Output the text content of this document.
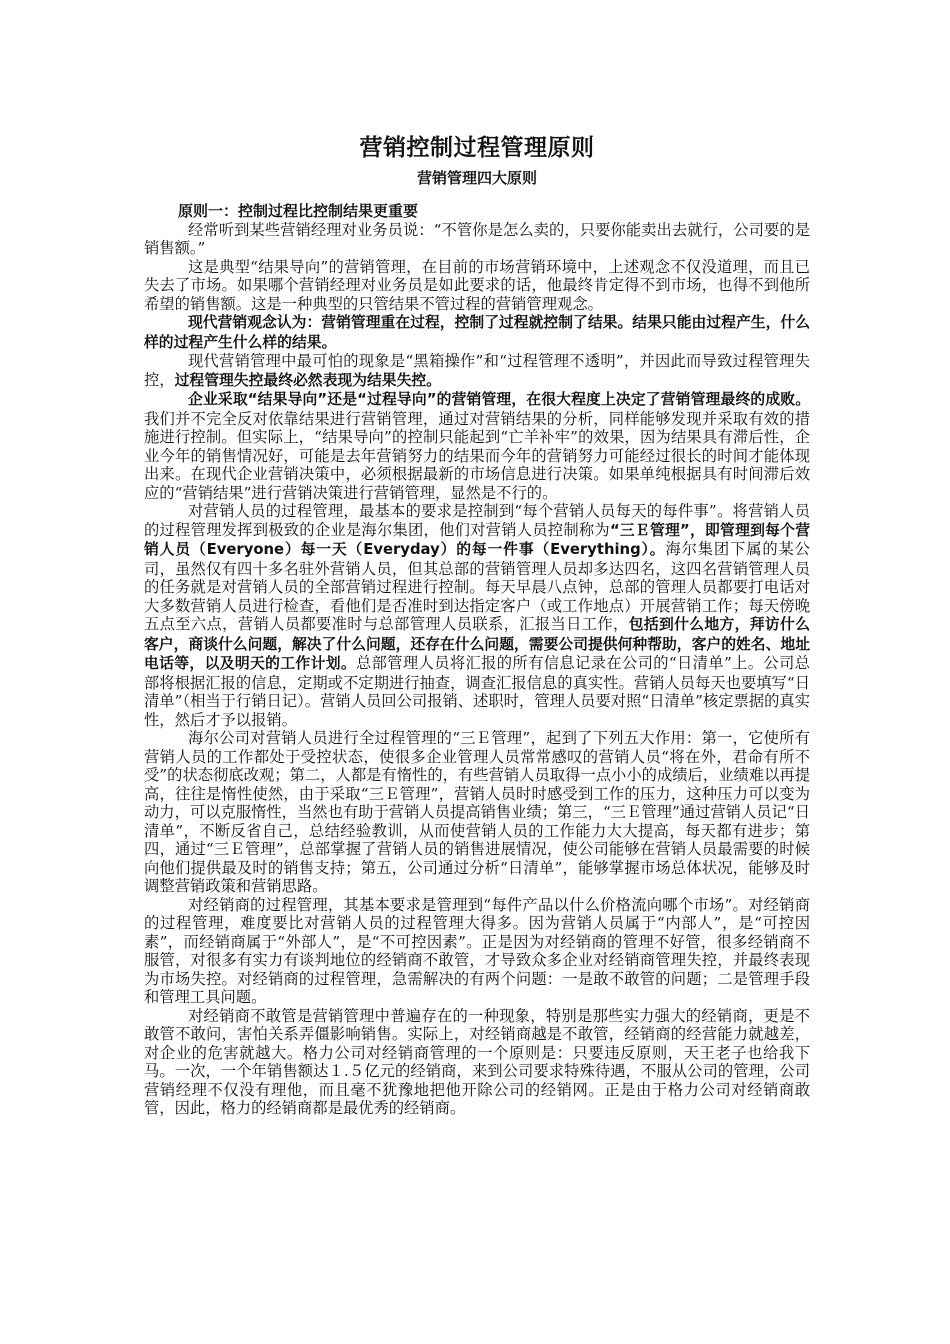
营销控制过程管理原则
营销管理四大原则
原则一：控制过程比控制结果更重要

经常听到某些营销经理对业务员说：“不管你是怎么卖的，只要你能卖出去就行，公司要的是销售额。”

这是典型“结果导向”的营销管理，在目前的市场营销环境中，上述观念不仅没道理，而且已失去了市场。如果哪个营销经理对业务员是如此要求的话，他最终肯定得不到市场，也得不到他所希望的销售额。这是一种典型的只管结果不管过程的营销管理观念。

现代营销观念认为：营销管理重在过程，控制了过程就控制了结果。结果只能由过程产生，什么样的过程产生什么样的结果。

现代营销管理中最可怕的现象是“黑箱操作”和“过程管理不透明”，并因此而导致过程管理失控，过程管理失控最终必然表现为结果失控。

企业采取“结果导向”还是“过程导向”的营销管理，在很大程度上决定了营销管理最终的成败。我们并不完全反对依靠结果进行营销管理，通过对营销结果的分析，同样能够发现并采取有效的措施进行控制。但实际上，“结果导向”的控制只能起到“亡羊补牢”的效果，因为结果具有滞后性，企业今年的销售情况好，可能是去年营销努力的结果而今年的营销努力可能经过很长的时间才能体现出来。在现代企业营销决策中，必须根据最新的市场信息进行决策。如果单纯根据具有时间滞后效应的“营销结果”进行营销决策进行营销管理，显然是不行的。

对营销人员的过程管理，最基本的要求是控制到“每个营销人员每天的每件事”。将营销人员的过程管理发挥到极致的企业是海尔集团，他们对营销人员控制称为“三Ｅ管理”，即管理到每个营销人员（Everyone）每一天（Everyday）的每一件事（Everything）。海尔集团下属的某公司，虽然仅有四十多名驻外营销人员，但其总部的营销管理人员却多达四名，这四名营销管理人员的任务就是对营销人员的全部营销过程进行控制。每天早晨八点钟，总部的管理人员都要打电话对大多数营销人员进行检查，看他们是否准时到达指定客户（或工作地点）开展营销工作；每天傍晚五点至六点，营销人员都要准时与总部管理人员联系，汇报当日工作，包括到什么地方，拜访什么客户，商谈什么问题，解决了什么问题，还存在什么问题，需要公司提供何种帮助，客户的姓名、地址电话等，以及明天的工作计划。总部管理人员将汇报的所有信息记录在公司的“日清单”上。公司总部将根据汇报的信息，定期或不定期进行抽查，调查汇报信息的真实性。营销人员每天也要填写“日清单”（相当于行销日记）。营销人员回公司报销、述职时，管理人员要对照“日清单”核定票据的真实性，然后才予以报销。

海尔公司对营销人员进行全过程管理的“三Ｅ管理”，起到了下列五大作用：第一，它使所有营销人员的工作都处于受控状态，使很多企业管理人员常常感叹的营销人员“将在外，君命有所不受”的状态彻底改观；第二，人都是有惰性的，有些营销人员取得一点小小的成绩后，业绩难以再提高，往往是惰性使然，由于采取“三Ｅ管理”，营销人员时时感受到工作的压力，这种压力可以变为动力，可以克服惰性，当然也有助于营销人员提高销售业绩；第三，“三Ｅ管理”通过营销人员记“日清单”，不断反省自己，总结经验教训，从而使营销人员的工作能力大大提高，每天都有进步；第四，通过“三Ｅ管理”，总部掌握了营销人员的销售进展情况，使公司能够在营销人员最需要的时候向他们提供最及时的销售支持；第五，公司通过分析“日清单”，能够掌握市场总体状况，能够及时调整营销政策和营销思路。

对经销商的过程管理，其基本要求是管理到“每件产品以什么价格流向哪个市场”。对经销商的过程管理，难度要比对营销人员的过程管理大得多。因为营销人员属于“内部人”，是“可控因素”，而经销商属于“外部人”，是“不可控因素”。正是因为对经销商的管理不好管，很多经销商不服管，对很多有实力有谈判地位的经销商不敢管，才导致众多企业对经销商管理失控，并最终表现为市场失控。对经销商的过程管理，急需解决的有两个问题：一是敢不敢管的问题；二是管理手段和管理工具问题。

对经销商不敢管是营销管理中普遍存在的一种现象，特别是那些实力强大的经销商，更是不敢管不敢问，害怕关系弄僵影响销售。实际上，对经销商越是不敢管，经销商的经营能力就越差，对企业的危害就越大。格力公司对经销商管理的一个原则是：只要违反原则，天王老子也给我下马。一次，一个年销售额达１.５亿元的经销商，来到公司要求特殊待遇，不服从公司的管理，公司营销经理不仅没有理他，而且毫不犹豫地把他开除公司的经销网。正是由于格力公司对经销商敢管，因此，格力的经销商都是最优秀的经销商。
